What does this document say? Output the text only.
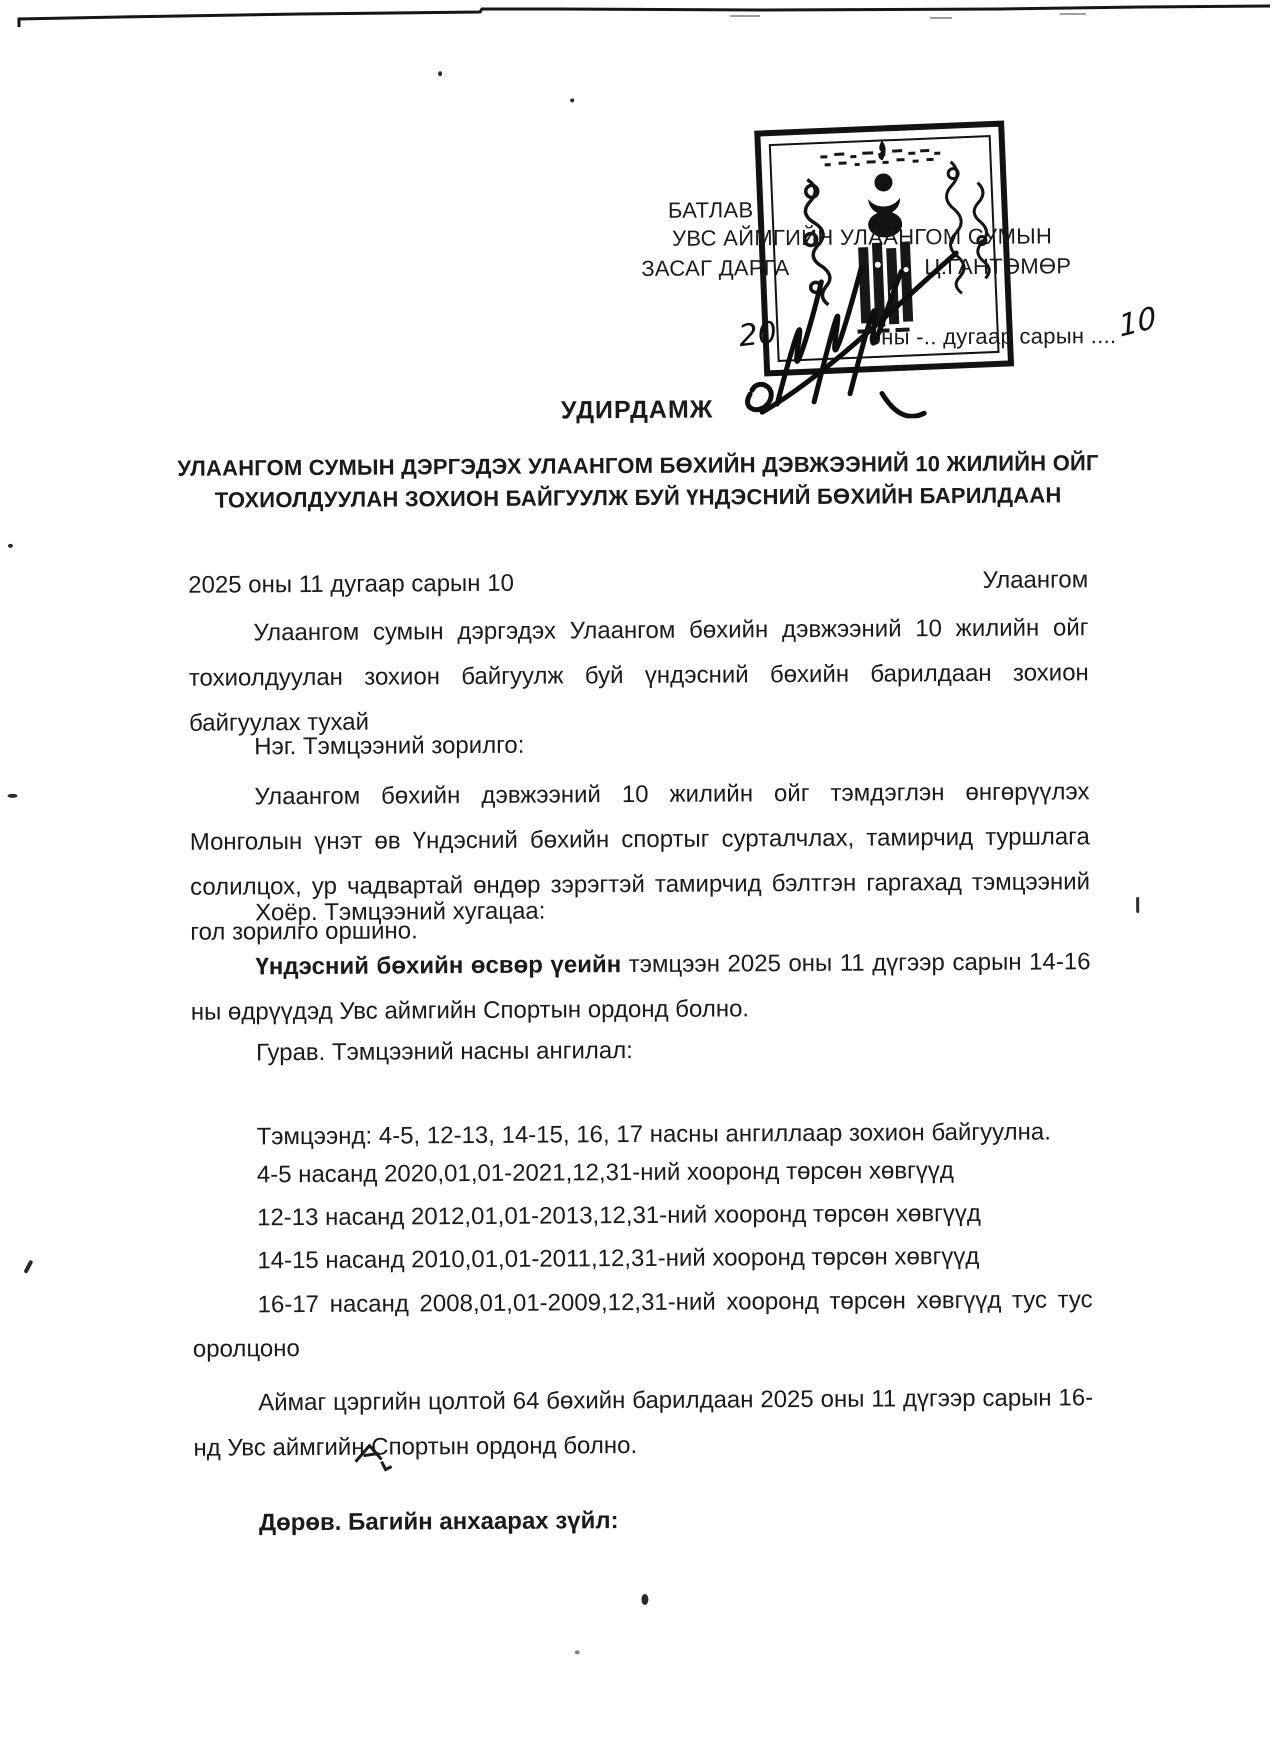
БАТЛАВ
УВС АЙМГИЙН УЛААНГОМ СУМЫН
ЗАСАГ ДАРГА	Ц.ГАНТӨМӨР
20	оны -.. дугаар сарын .... 10
УДИРДАМЖ
УЛААНГОМ СУМЫН ДЭРГЭДЭХ УЛААНГОМ БӨХИЙН ДЭВЖЭЭНИЙ 10 ЖИЛИЙН ОЙГ ТОХИОЛДУУЛАН ЗОХИОН БАЙГУУЛЖ БУЙ ҮНДЭСНИЙ БӨХИЙН БАРИЛДААН
2025 оны 11 дугаар сарын 10	Улаангом
Улаангом сумын дэргэдэх Улаангом бөхийн дэвжээний 10 жилийн ойг тохиолдуулан зохион байгуулж буй үндэсний бөхийн барилдаан зохион байгуулах тухай
Нэг. Тэмцээний зорилго:
Улаангом бөхийн дэвжээний 10 жилийн ойг тэмдэглэн өнгөрүүлэх Монголын үнэт өв Үндэсний бөхийн спортыг сурталчлах, тамирчид туршлага солилцох, ур чадвартай өндөр зэрэгтэй тамирчид бэлтгэн гаргахад тэмцээний гол зорилго оршино.
Хоёр. Тэмцээний хугацаа:
Үндэсний бөхийн өсвөр үеийн тэмцээн 2025 оны 11 дүгээр сарын 14-16 ны өдрүүдэд Увс аймгийн Спортын ордонд болно.
Гурав. Тэмцээний насны ангилал:
Тэмцээнд: 4-5, 12-13, 14-15, 16, 17 насны ангиллаар зохион байгуулна.
4-5 насанд 2020,01,01-2021,12,31-ний хооронд төрсөн хөвгүүд
12-13 насанд 2012,01,01-2013,12,31-ний хооронд төрсөн хөвгүүд
14-15 насанд 2010,01,01-2011,12,31-ний хооронд төрсөн хөвгүүд
16-17 насанд 2008,01,01-2009,12,31-ний хооронд төрсөн хөвгүүд тус тус
оролцоно
Аймаг цэргийн цолтой 64 бөхийн барилдаан 2025 оны 11 дүгээр сарын 16-нд Увс аймгийн Спортын ордонд болно.
Дөрөв. Багийн анхаарах зүйл:
